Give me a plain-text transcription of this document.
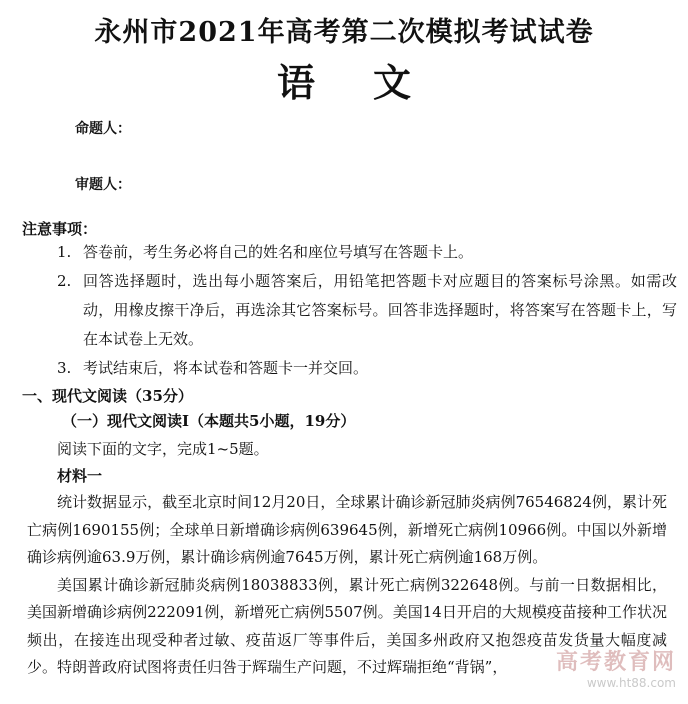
永州市2021年高考第二次模拟考试试卷
语文
命题人：
审题人：
注意事项：
1. 答卷前，考生务必将自己的姓名和座位号填写在答题卡上。
2. 回答选择题时，选出每小题答案后，用铅笔把答题卡对应题目的答案标号涂黑。如需改动，用橡皮擦干净后，再选涂其它答案标号。回答非选择题时，将答案写在答题卡上，写在本试卷上无效。
3. 考试结束后，将本试卷和答题卡一并交回。
一、现代文阅读（35分）
（一）现代文阅读Ⅰ（本题共5小题，19分）
阅读下面的文字，完成1~5题。
材料一

统计数据显示，截至北京时间12月20日，全球累计确诊新冠肺炎病例76546824例，累计死亡病例1690155例；全球单日新增确诊病例639645例，新增死亡病例10966例。中国以外新增确诊病例逾63.9万例，累计确诊病例逾7645万例，累计死亡病例逾168万例。

美国累计确诊新冠肺炎病例18038833例，累计死亡病例322648例。与前一日数据相比，美国新增确诊病例222091例，新增死亡病例5507例。美国14日开启的大规模疫苗接种工作状况频出，在接连出现受种者过敏、疫苗返厂等事件后，美国多州政府又抱怨疫苗发货量大幅度减少。特朗普政府试图将责任归咎于辉瑞生产问题，不过辉瑞拒绝“背锅”，	高考教育网
www.ht88.com
